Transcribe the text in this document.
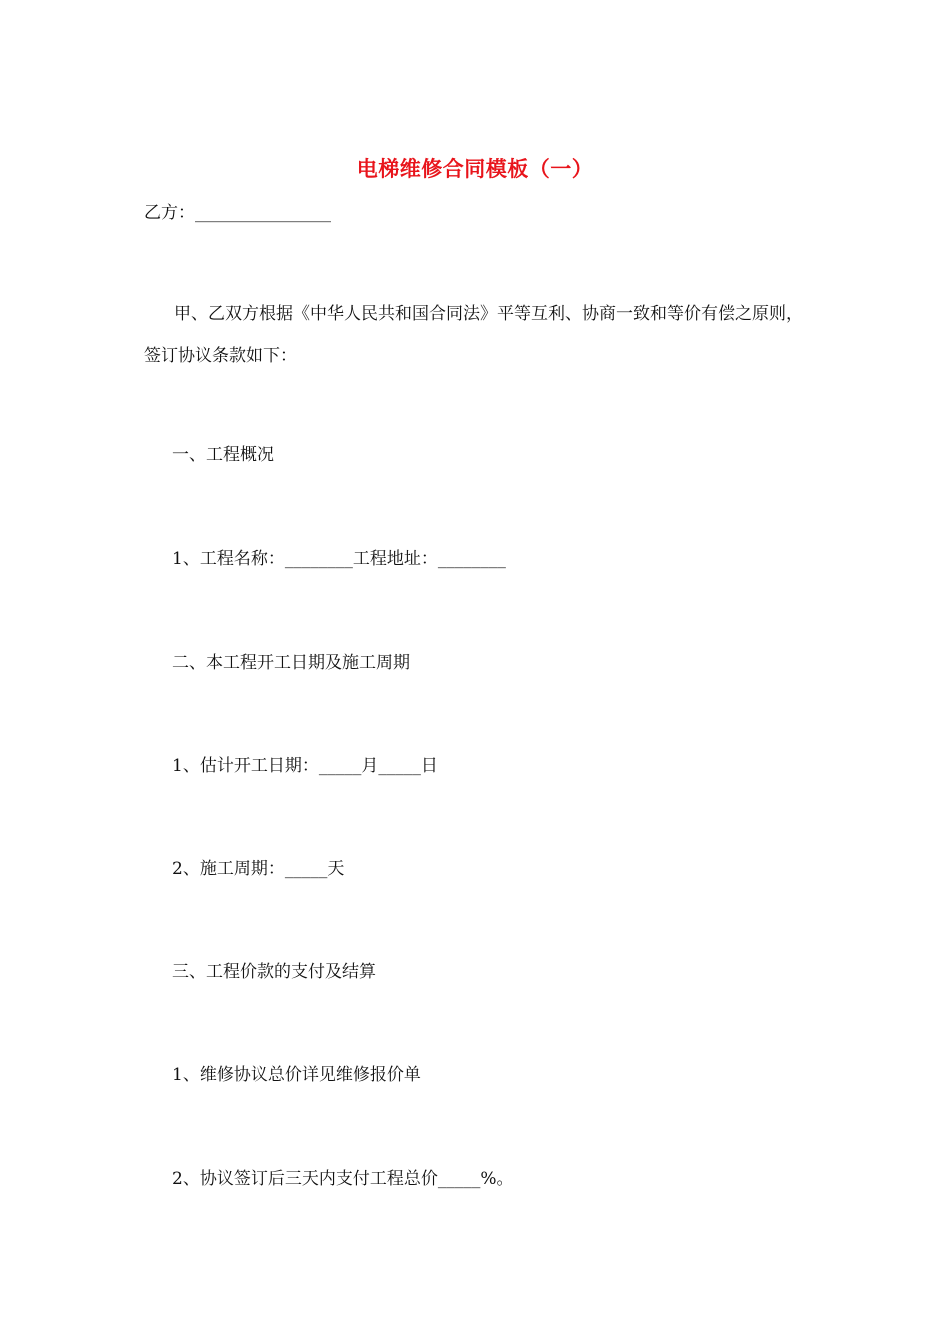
电梯维修合同模板（一）
乙方：________________
甲、乙双方根据《中华人民共和国合同法》平等互利、协商一致和等价有偿之原则，签订协议条款如下：
一、工程概况
1、工程名称：________工程地址：________
二、本工程开工日期及施工周期
1、估计开工日期：_____月_____日
2、施工周期：_____天
三、工程价款的支付及结算
1、维修协议总价详见维修报价单
2、协议签订后三天内支付工程总价_____%。
